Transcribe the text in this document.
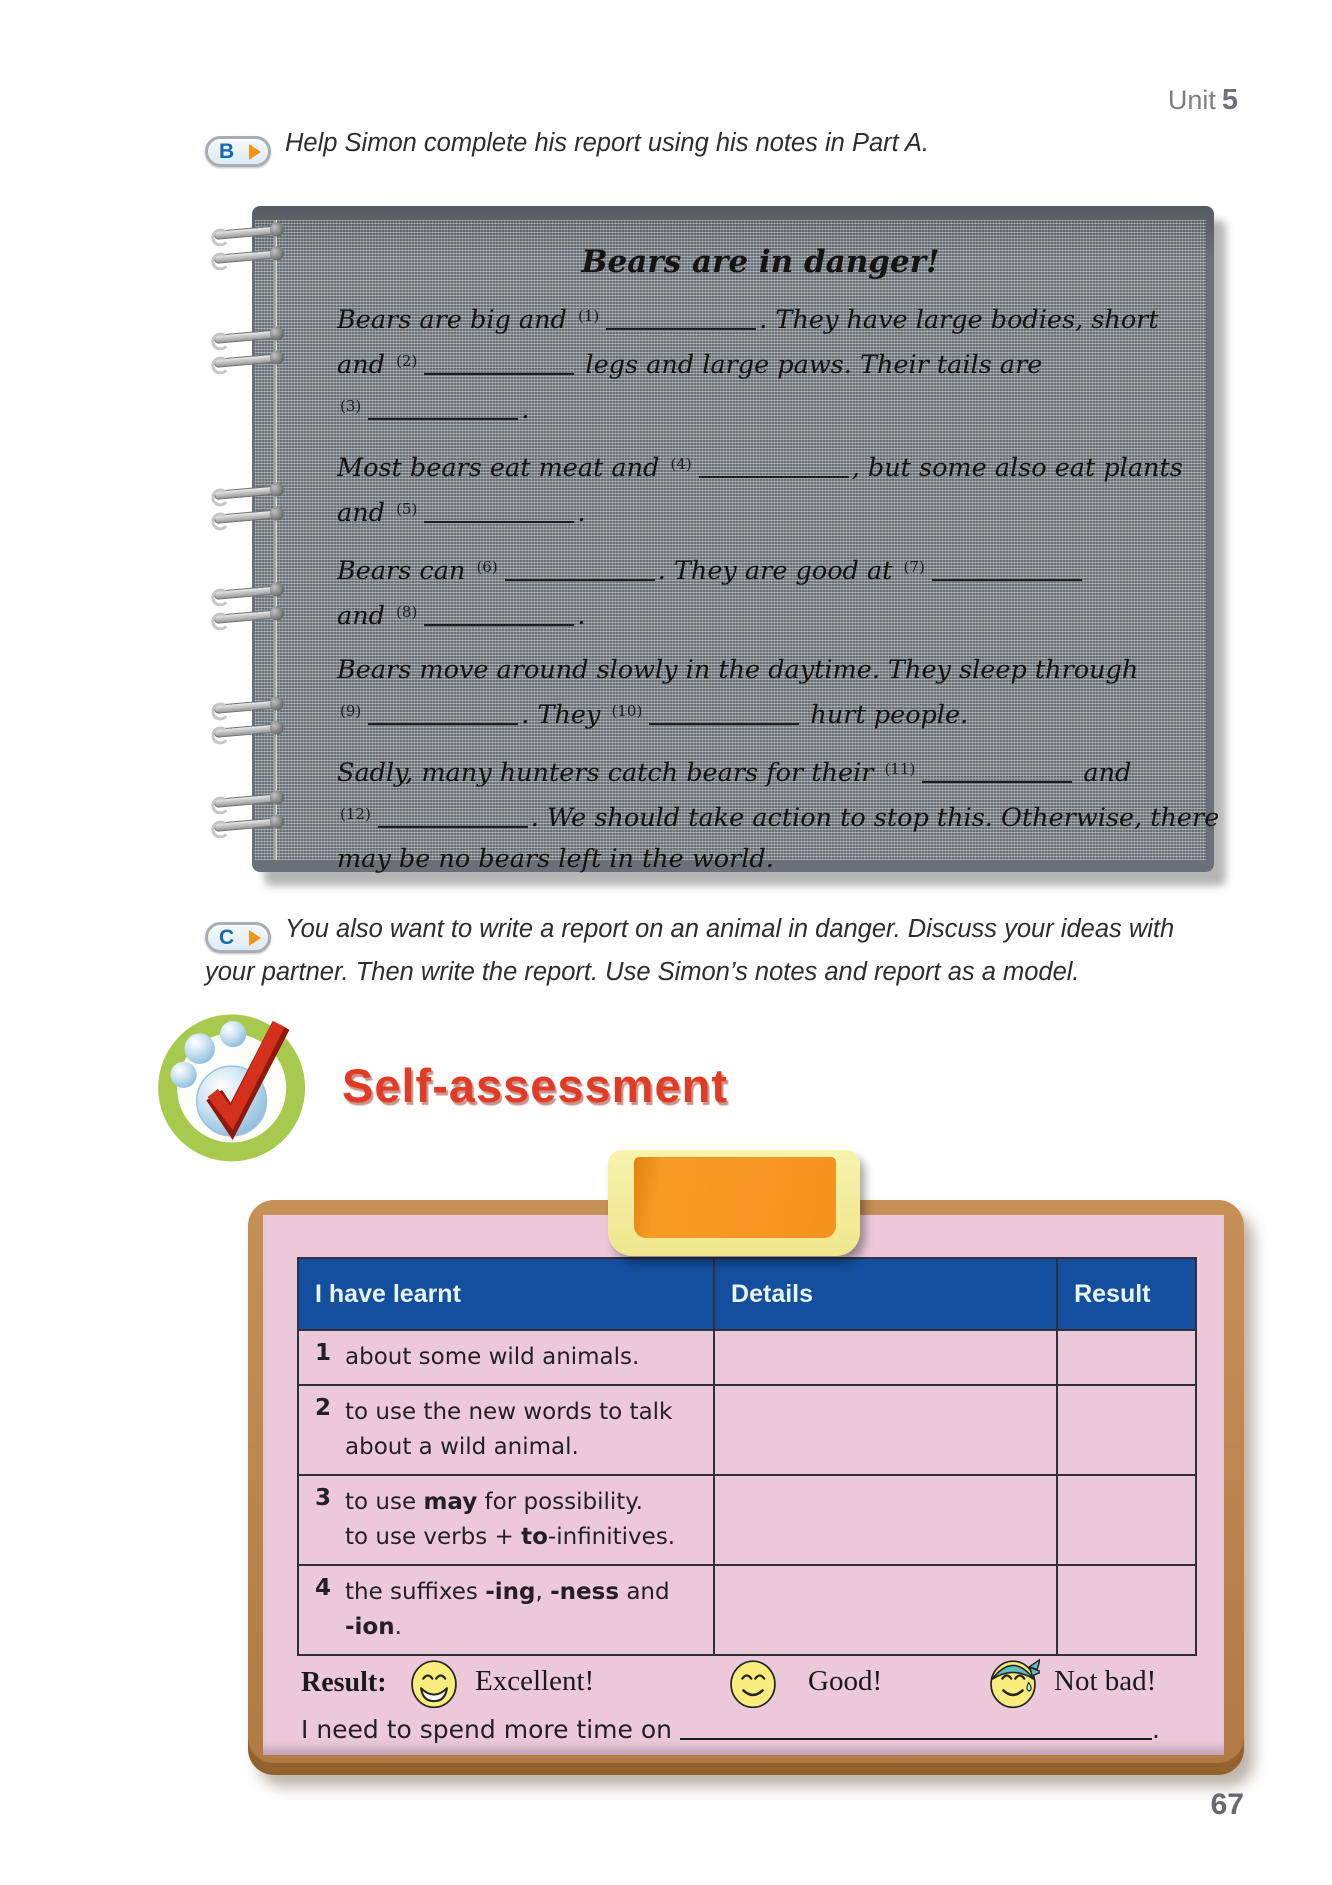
Unit 5
B Help Simon complete his report using his notes in Part A.
Bears are in danger!
Bears are big and $^{(1)}$	. They have large bodies, short
and $^{(2)}$	legs and large paws. Their tails are
$^{(3)}$	.
Most bears eat meat and $^{(4)}$	, but some also eat plants
and $^{(5)}$	.
Bears can $^{(6)}$	. They are good at $^{(7)}$
and $^{(8)}$	.
Bears move around slowly in the daytime. They sleep through
$^{(9)}$	. They $^{(10)}$	hurt people.
Sadly, many hunters catch bears for their $^{(11)}$	and
$^{(12)}$	. We should take action to stop this. Otherwise, there
may be no bears left in the world.
C You also want to write a report on an animal in danger. Discuss your ideas with your partner. Then write the report. Use Simon’s notes and report as a model.
Self-assessment
I have learnt	Details	Result

1 about some wild animals.		

2 to use the new words to talk
about a wild animal.		

3 to use may for possibility.
to use verbs + to-infinitives.		

4 the suffixes -ing, -ness and
-ion.		

Result:	Excellent!	Good!	Not bad!
I need to spend more time on	.
67
